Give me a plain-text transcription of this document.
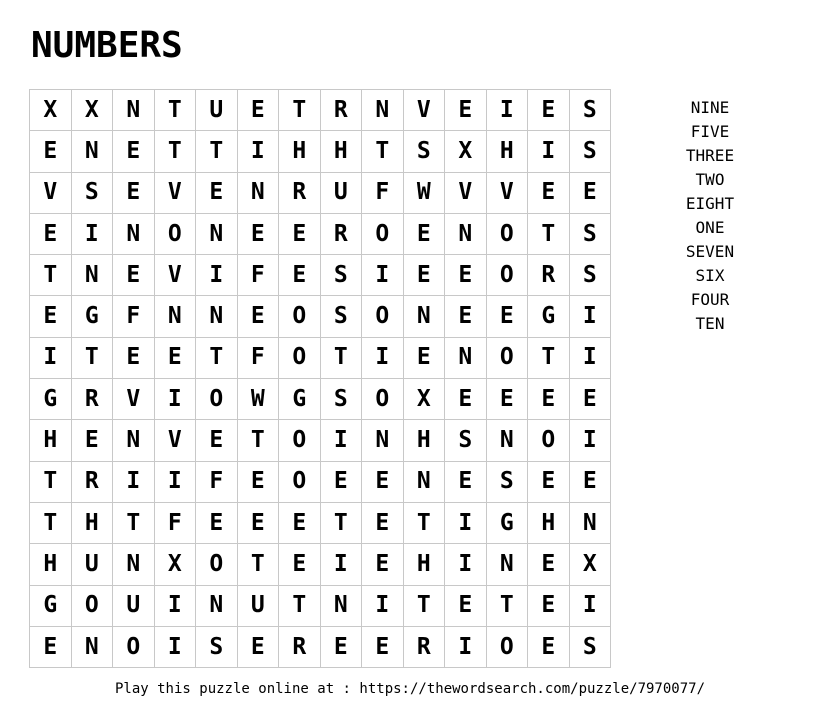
NUMBERS
X	X	N	T	U	E	T	R	N	V	E	I	E	S
E	N	E	T	T	I	H	H	T	S	X	H	I	S
V	S	E	V	E	N	R	U	F	W	V	V	E	E
E	I	N	O	N	E	E	R	O	E	N	O	T	S
T	N	E	V	I	F	E	S	I	E	E	O	R	S
E	G	F	N	N	E	O	S	O	N	E	E	G	I
I	T	E	E	T	F	O	T	I	E	N	O	T	I
G	R	V	I	O	W	G	S	O	X	E	E	E	E
H	E	N	V	E	T	O	I	N	H	S	N	O	I
T	R	I	I	F	E	O	E	E	N	E	S	E	E
T	H	T	F	E	E	E	T	E	T	I	G	H	N
H	U	N	X	O	T	E	I	E	H	I	N	E	X
G	O	U	I	N	U	T	N	I	T	E	T	E	I
E	N	O	I	S	E	R	E	E	R	I	O	E	S
NINE
FIVE
THREE
TWO
EIGHT
ONE
SEVEN
SIX
FOUR
TEN
Play this puzzle online at : https://thewordsearch.com/puzzle/7970077/
